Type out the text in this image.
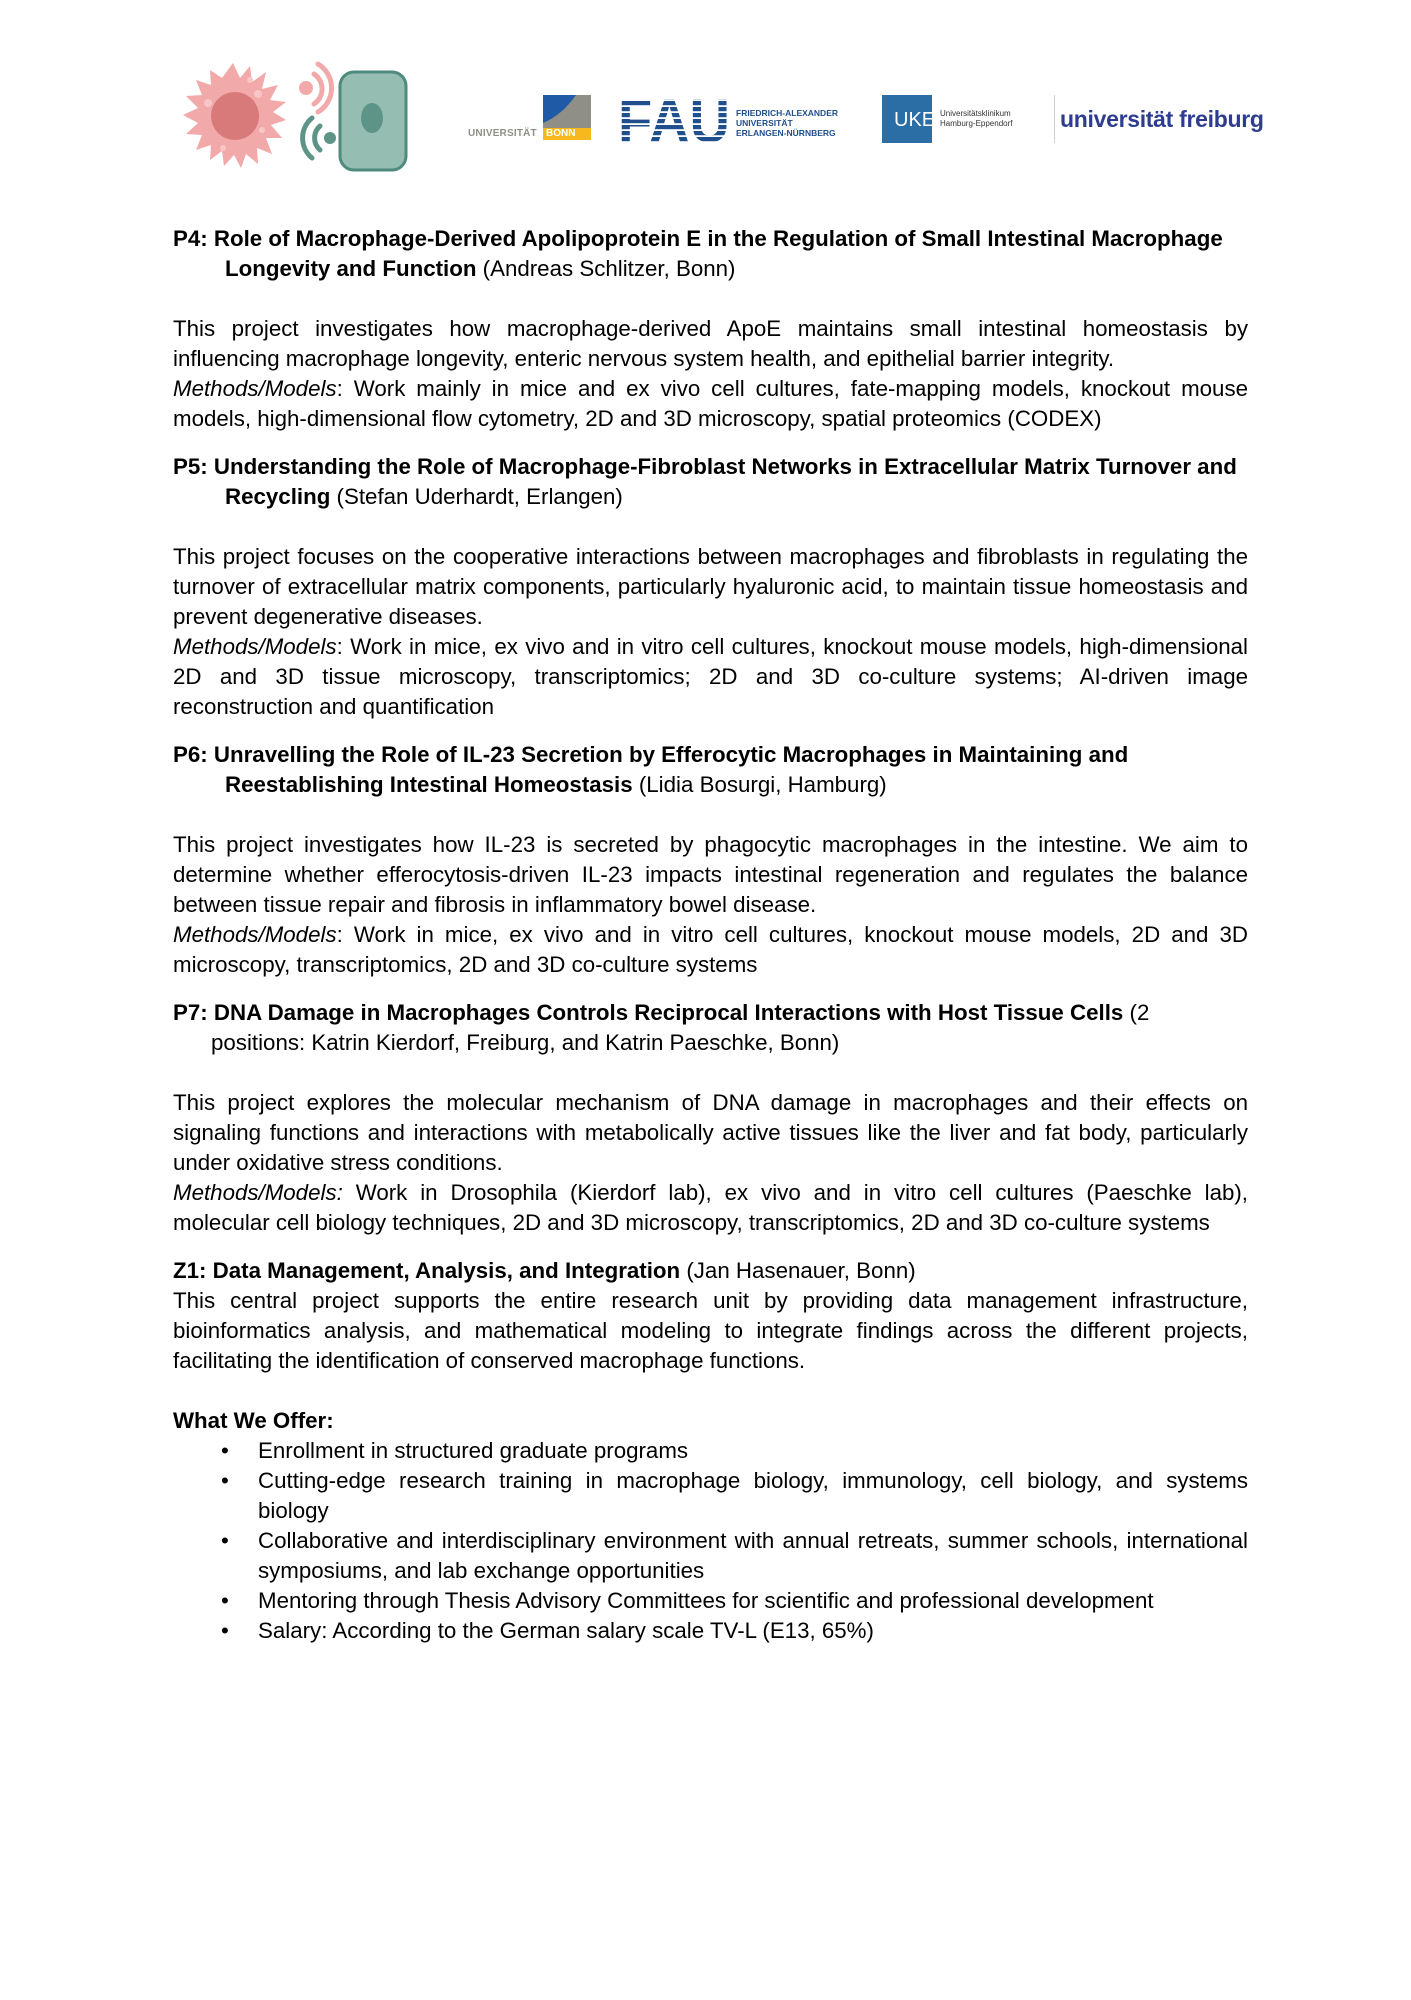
UNIVERSITÄT BONN FAU FRIEDRICH-ALEXANDER
UNIVERSITÄT
ERLANGEN-NÜRNBERG
UKE Universitätsklinikum
Hamburg-Eppendorf universität freiburg

P4: Role of Macrophage-Derived Apolipoprotein E in the Regulation of Small Intestinal Macrophage Longevity and Function (Andreas Schlitzer, Bonn)

This project investigates how macrophage-derived ApoE maintains small intestinal homeostasis by influencing macrophage longevity, enteric nervous system health, and epithelial barrier integrity.
Methods/Models: Work mainly in mice and ex vivo cell cultures, fate-mapping models, knockout mouse models, high-dimensional flow cytometry, 2D and 3D microscopy, spatial proteomics (CODEX)

P5: Understanding the Role of Macrophage-Fibroblast Networks in Extracellular Matrix Turnover and Recycling (Stefan Uderhardt, Erlangen)

This project focuses on the cooperative interactions between macrophages and fibroblasts in regulating the turnover of extracellular matrix components, particularly hyaluronic acid, to maintain tissue homeostasis and prevent degenerative diseases.
Methods/Models: Work in mice, ex vivo and in vitro cell cultures, knockout mouse models, high-dimensional 2D and 3D tissue microscopy, transcriptomics; 2D and 3D co-culture systems; AI-driven image reconstruction and quantification

P6: Unravelling the Role of IL-23 Secretion by Efferocytic Macrophages in Maintaining and Reestablishing Intestinal Homeostasis (Lidia Bosurgi, Hamburg)

This project investigates how IL-23 is secreted by phagocytic macrophages in the intestine. We aim to determine whether efferocytosis-driven IL-23 impacts intestinal regeneration and regulates the balance between tissue repair and fibrosis in inflammatory bowel disease.
Methods/Models: Work in mice, ex vivo and in vitro cell cultures, knockout mouse models, 2D and 3D microscopy, transcriptomics, 2D and 3D co-culture systems

P7: DNA Damage in Macrophages Controls Reciprocal Interactions with Host Tissue Cells (2 positions: Katrin Kierdorf, Freiburg, and Katrin Paeschke, Bonn)

This project explores the molecular mechanism of DNA damage in macrophages and their effects on signaling functions and interactions with metabolically active tissues like the liver and fat body, particularly under oxidative stress conditions.
Methods/Models: Work in Drosophila (Kierdorf lab), ex vivo and in vitro cell cultures (Paeschke lab), molecular cell biology techniques, 2D and 3D microscopy, transcriptomics, 2D and 3D co-culture systems

Z1: Data Management, Analysis, and Integration (Jan Hasenauer, Bonn)

This central project supports the entire research unit by providing data management infrastructure, bioinformatics analysis, and mathematical modeling to integrate findings across the different projects, facilitating the identification of conserved macrophage functions.

What We Offer:

• Enrollment in structured graduate programs
• Cutting-edge research training in macrophage biology, immunology, cell biology, and systems biology
• Collaborative and interdisciplinary environment with annual retreats, summer schools, international symposiums, and lab exchange opportunities
• Mentoring through Thesis Advisory Committees for scientific and professional development
• Salary: According to the German salary scale TV-L (E13, 65%)
